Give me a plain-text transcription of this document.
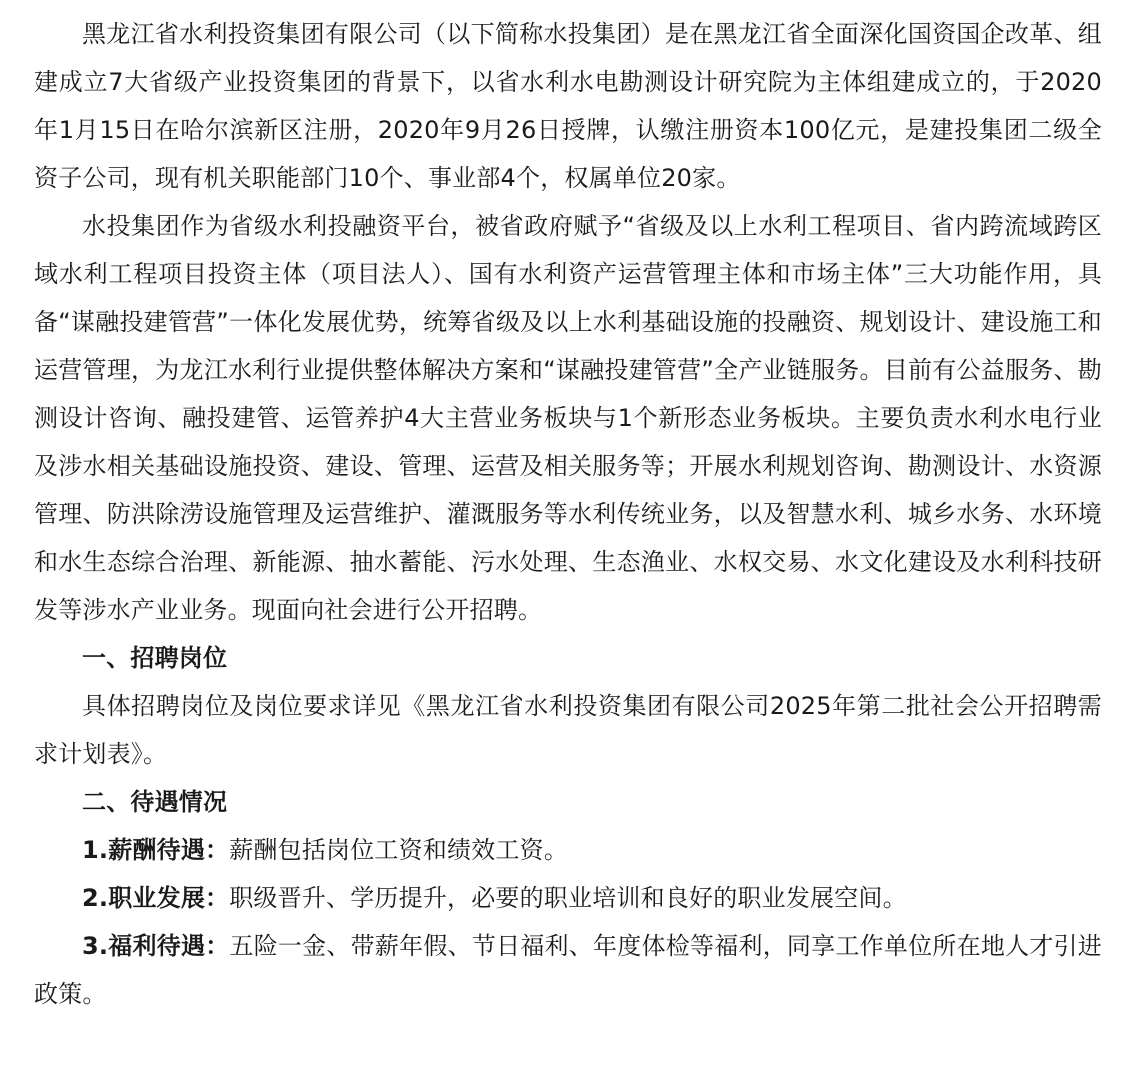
黑龙江省水利投资集团有限公司（以下简称水投集团）是在黑龙江省全面深化国资国企改革、组建成立7大省级产业投资集团的背景下，以省水利水电勘测设计研究院为主体组建成立的，于2020年1月15日在哈尔滨新区注册，2020年9月26日授牌，认缴注册资本100亿元，是建投集团二级全资子公司，现有机关职能部门10个、事业部4个，权属单位20家。

水投集团作为省级水利投融资平台，被省政府赋予“省级及以上水利工程项目、省内跨流域跨区域水利工程项目投资主体（项目法人）、国有水利资产运营管理主体和市场主体”三大功能作用，具备“谋融投建管营”一体化发展优势，统筹省级及以上水利基础设施的投融资、规划设计、建设施工和运营管理，为龙江水利行业提供整体解决方案和“谋融投建管营”全产业链服务。目前有公益服务、勘测设计咨询、融投建管、运管养护4大主营业务板块与1个新形态业务板块。主要负责水利水电行业及涉水相关基础设施投资、建设、管理、运营及相关服务等；开展水利规划咨询、勘测设计、水资源管理、防洪除涝设施管理及运营维护、灌溉服务等水利传统业务，以及智慧水利、城乡水务、水环境和水生态综合治理、新能源、抽水蓄能、污水处理、生态渔业、水权交易、水文化建设及水利科技研发等涉水产业业务。现面向社会进行公开招聘。

一、招聘岗位

具体招聘岗位及岗位要求详见《黑龙江省水利投资集团有限公司2025年第二批社会公开招聘需求计划表》。

二、待遇情况

1.薪酬待遇：薪酬包括岗位工资和绩效工资。

2.职业发展：职级晋升、学历提升，必要的职业培训和良好的职业发展空间。

3.福利待遇：五险一金、带薪年假、节日福利、年度体检等福利，同享工作单位所在地人才引进政策。
